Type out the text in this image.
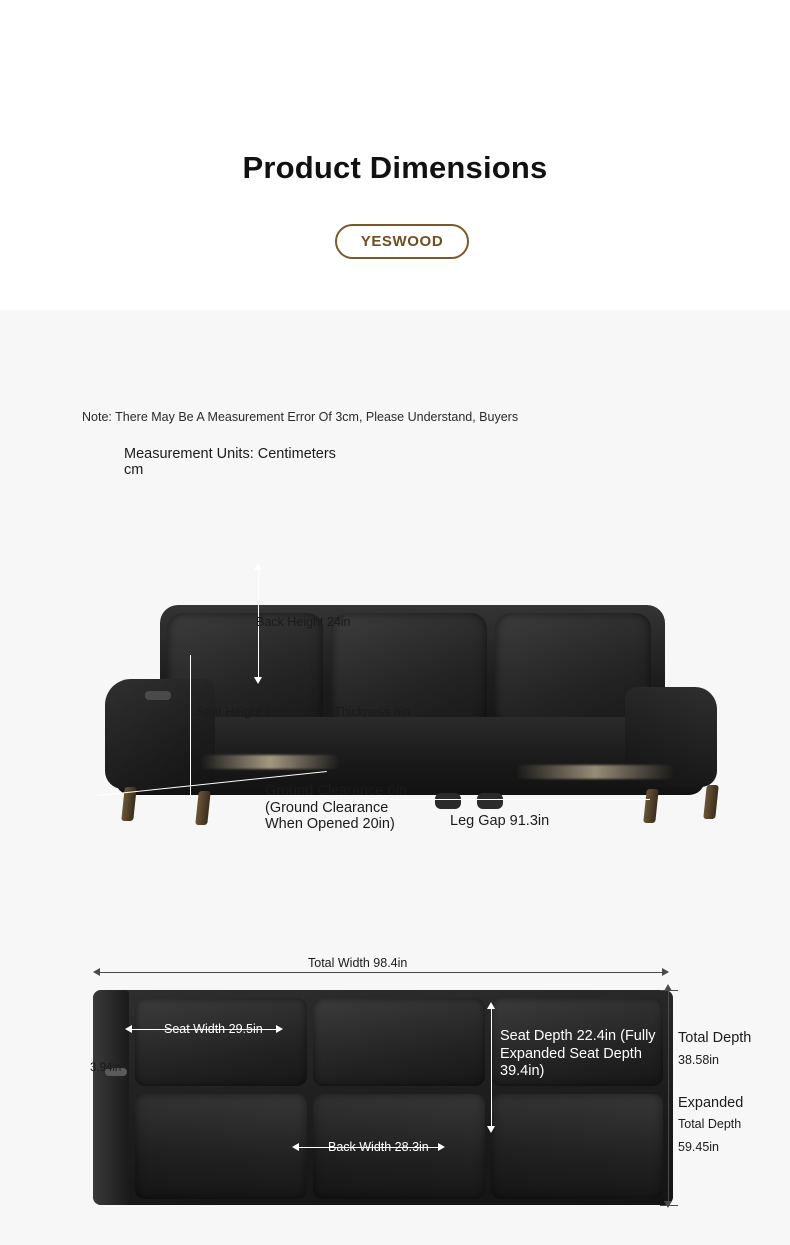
Product Dimensions
YESWOOD
Note: There May Be A Measurement Error Of 3cm, Please Understand, Buyers
Measurement Units: Centimeters cm
Back Height 24in
Seat Height 19in Seat Thickness 8in
Ground Clearance 6in (Ground Clearance When Opened 20in)	Leg Gap 91.3in
Total Width 98.4in
3.94in
Seat Width 29.5in	Seat Depth 22.4in (Fully Expanded Seat Depth 39.4in)
Back Width 28.3in
Total Depth
38.58in
Expanded
Total Depth
59.45in
